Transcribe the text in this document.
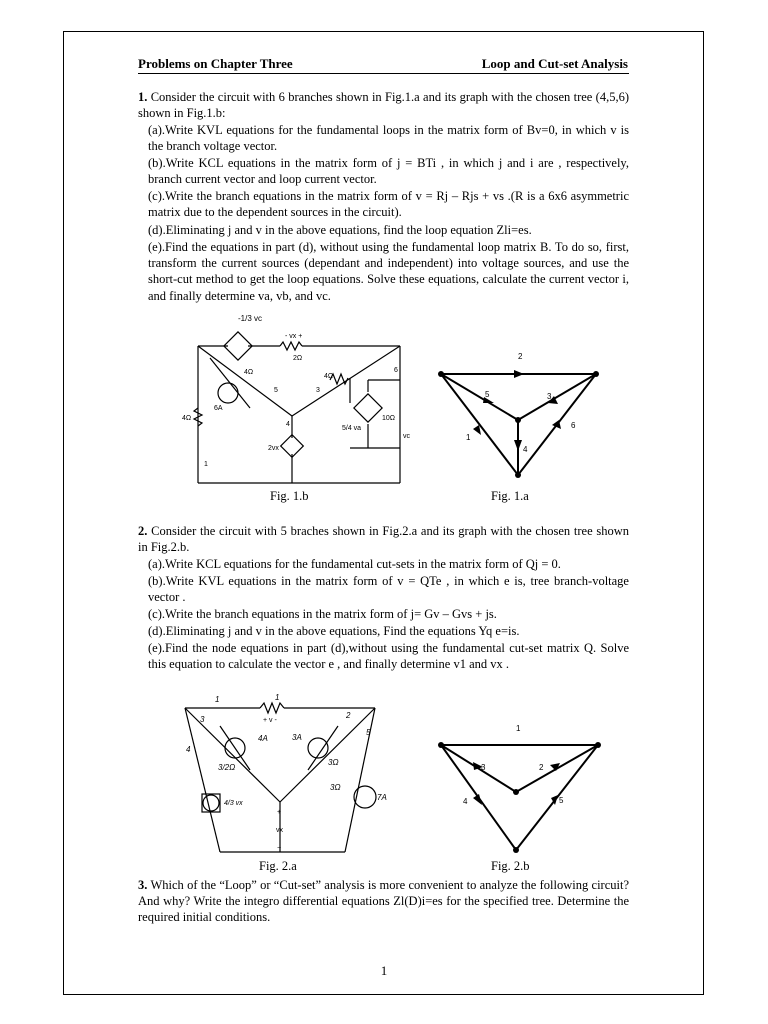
Problems on Chapter Three	Loop and Cut-set Analysis
1. Consider the circuit with 6 branches shown in Fig.1.a and its graph with the chosen tree (4,5,6) shown in Fig.1.b:
(a).Write KVL equations for the fundamental loops in the matrix form of Bv=0, in which v is the branch voltage vector.
(b).Write KCL equations in the matrix form of j = BTi , in which j and i are , respectively, branch current vector and loop current vector.
(c).Write the branch equations in the matrix form of v = Rj – Rjs + vs .(R is a 6x6 asymmetric matrix due to the dependent sources in the circuit).
(d).Eliminating j and v in the above equations, find the loop equation Zli=es.
(e).Find the equations in part (d), without using the fundamental loop matrix B. To do so, first, transform the current sources (dependant and independent) into voltage sources, and use the short-cut method to get the loop equations. Solve these equations, calculate the current vector i, and finally determine va, vb, and vc.
-1/3 vc
- vx +
2Ω
4Ω
6A
5	3
4Ω
6
4Ω
4
5/4 va
10Ω
vc
2vx
1
Fig. 1.b
2
5	3
1
6
4
Fig. 1.a
2. Consider the circuit with 5 braches shown in Fig.2.a and its graph with the chosen tree shown in Fig.2.b.
(a).Write KCL equations for the fundamental cut-sets in the matrix form of Qj = 0.
(b).Write KVL equations in the matrix form of v = QTe , in which e is, tree branch-voltage vector .
(c).Write the branch equations in the matrix form of j= Gv – Gvs + js.
(d).Eliminating j and v in the above equations, Find the equations Yq e=is.
(e).Find the node equations in part (d),without using the fundamental cut-set matrix Q. Solve this equation to calculate the vector e , and finally determine v1 and vx .
1	1
+ v -
2
3
4A	3A
5
4
3/2Ω
3Ω
3Ω
7A
4/3 vx
+
vx
−
Fig. 2.a
1
3	2
4	5
Fig. 2.b
3. Which of the “Loop” or “Cut-set” analysis is more convenient to analyze the following circuit? And why? Write the integro differential equations Zl(D)i=es for the specified tree. Determine the required initial conditions.
1
